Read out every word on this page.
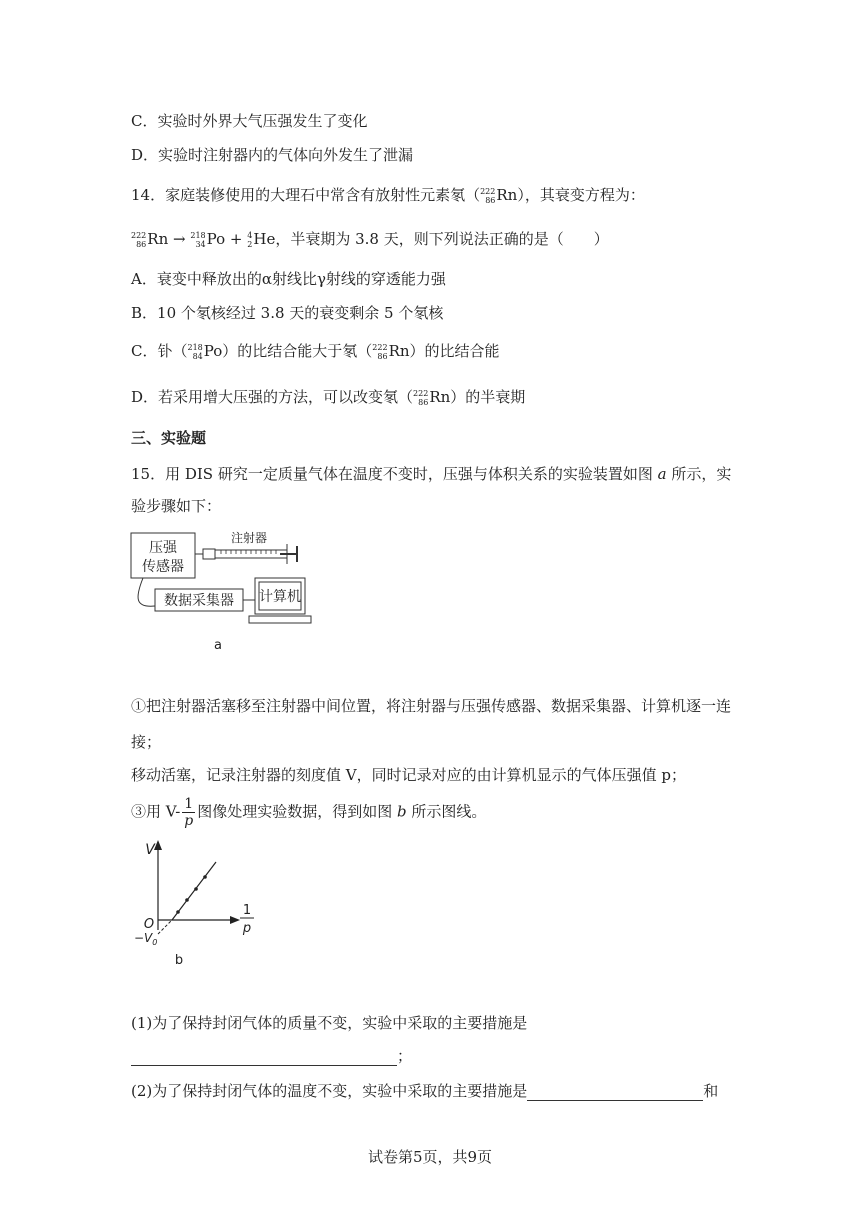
C．实验时外界大气压强发生了变化
D．实验时注射器内的气体向外发生了泄漏
14．家庭装修使用的大理石中常含有放射性元素氡（ 222
86 Rn），其衰变方程为：
222
86 Rn → 218
34 Po + 4
2 He，半衰期为 3.8 天，则下列说法正确的是（　　）
A．衰变中释放出的α射线比γ射线的穿透能力强
B．10 个氡核经过 3.8 天的衰变剩余 5 个氡核
C．钋（ 218
84 Po）的比结合能大于氡（ 222
86 Rn）的比结合能
D．若采用增大压强的方法，可以改变氡（ 222
86 Rn）的半衰期
三、实验题
15．用 DIS 研究一定质量气体在温度不变时，压强与体积关系的实验装置如图 a 所示，实
验步骤如下：
压强
传感器
注射器
数据采集器 计算机
a
①把注射器活塞移至注射器中间位置，将注射器与压强传感器、数据采集器、计算机逐一连
接；
移动活塞，记录注射器的刻度值 V，同时记录对应的由计算机显示的气体压强值 p；
③用 $V- \frac{1}{p}$ 图像处理实验数据，得到如图 b 所示图线。
V
O
$-V_0$
1
p
b
(1)为了保持封闭气体的质量不变，实验中采取的主要措施是
；
(2)为了保持封闭气体的温度不变，实验中采取的主要措施是	和
试卷第5页，共9页
